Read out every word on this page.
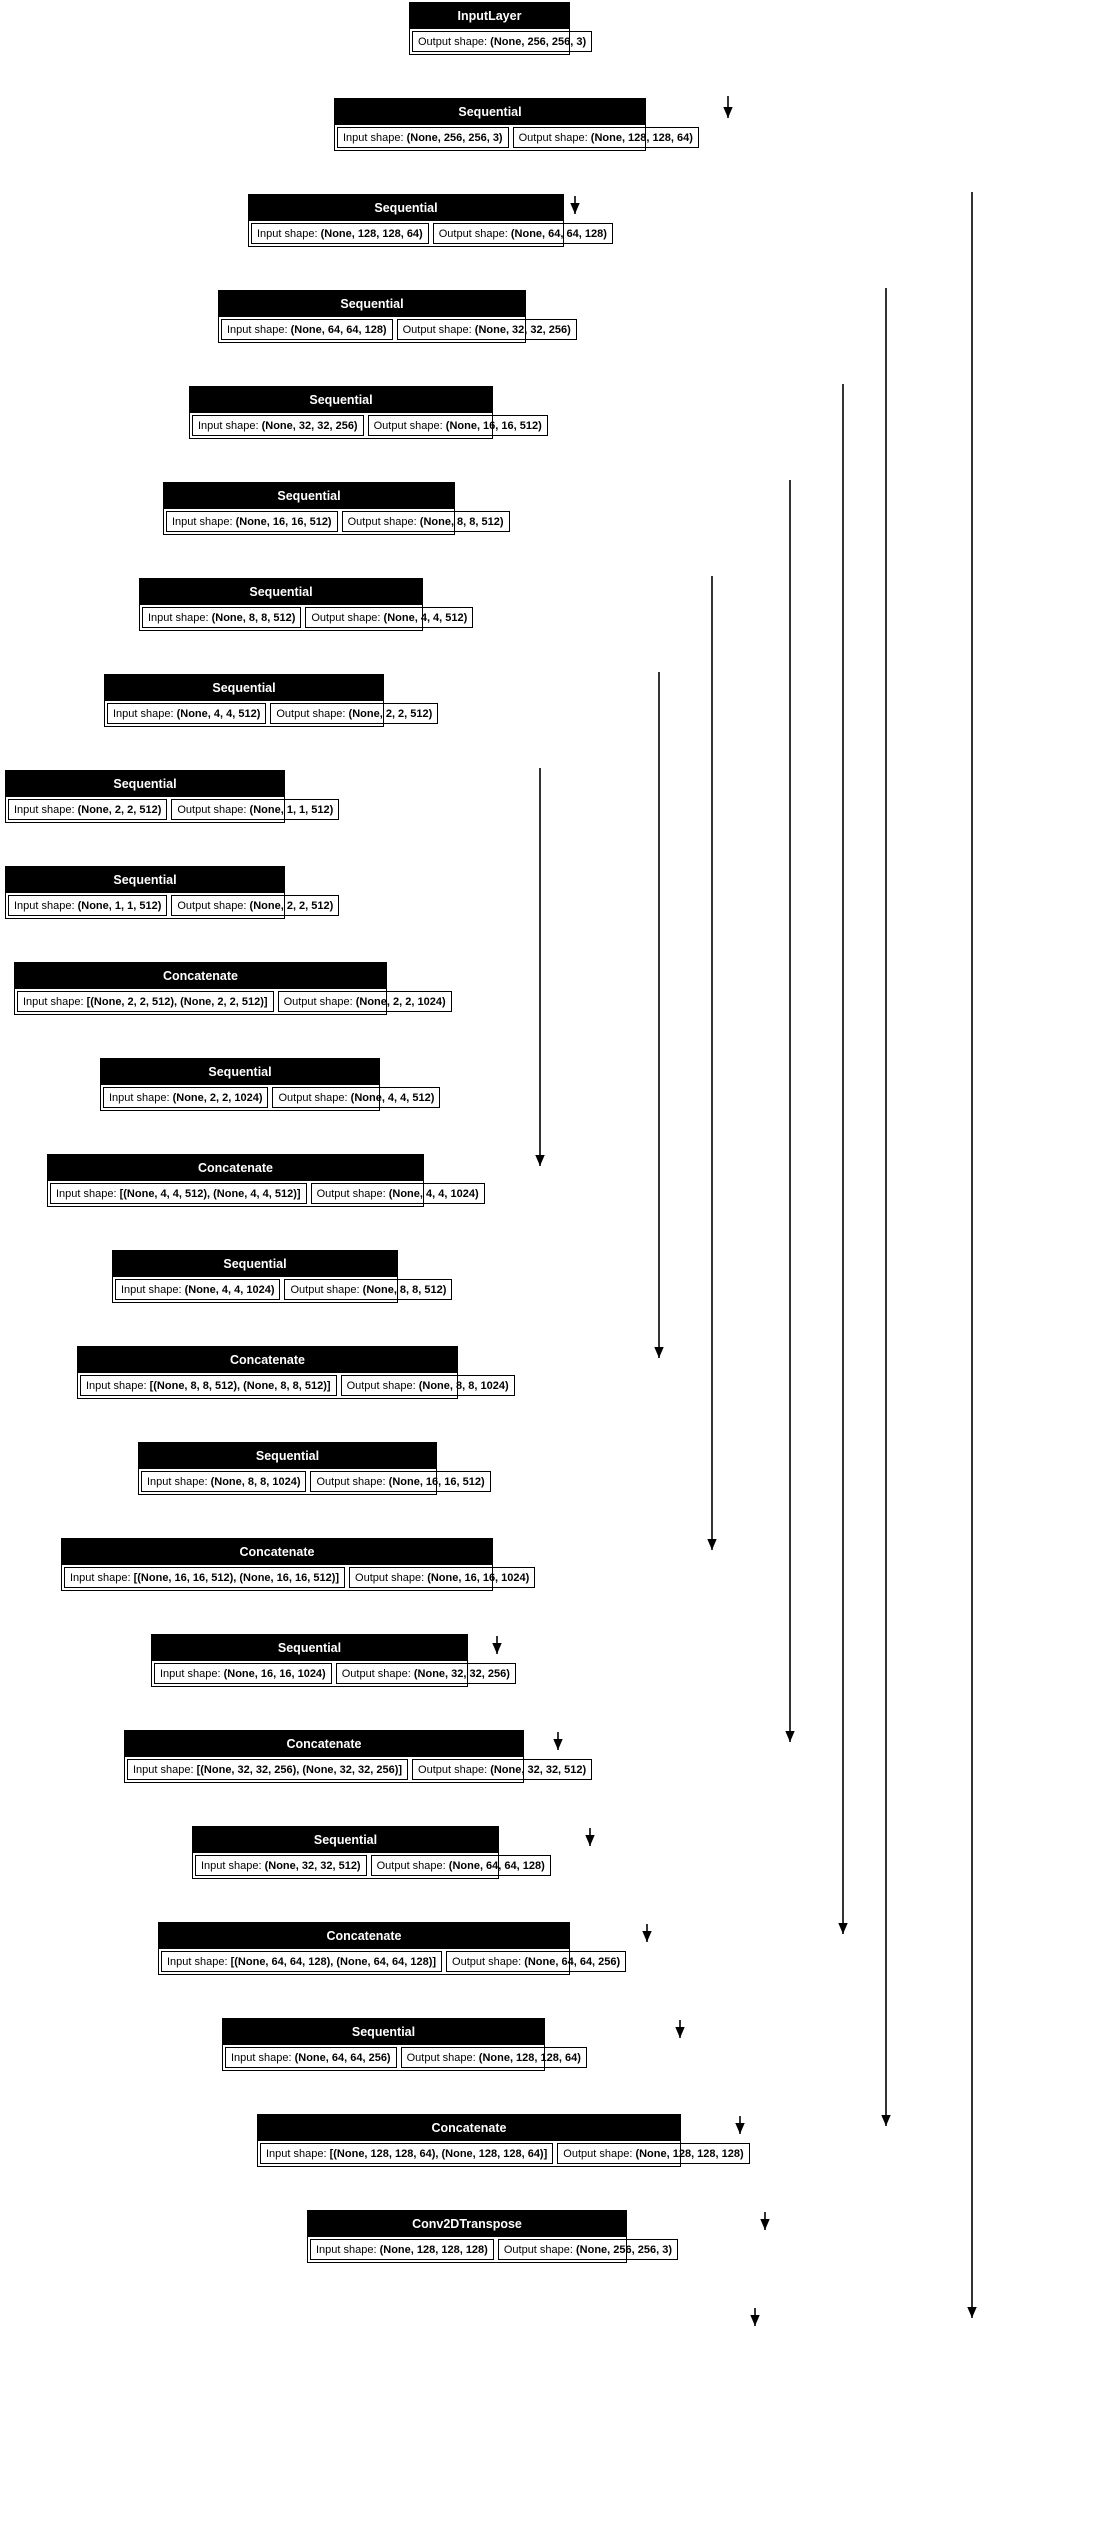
InputLayer
Output shape: (None, 256, 256, 3)
Sequential
Input shape: (None, 256, 256, 3) Output shape: (None, 128, 128, 64)
Sequential
Input shape: (None, 128, 128, 64) Output shape: (None, 64, 64, 128)
Sequential
Input shape: (None, 64, 64, 128) Output shape: (None, 32, 32, 256)
Sequential
Input shape: (None, 32, 32, 256) Output shape: (None, 16, 16, 512)
Sequential
Input shape: (None, 16, 16, 512) Output shape: (None, 8, 8, 512)
Sequential
Input shape: (None, 8, 8, 512) Output shape: (None, 4, 4, 512)
Sequential
Input shape: (None, 4, 4, 512) Output shape: (None, 2, 2, 512)
Sequential
Input shape: (None, 2, 2, 512) Output shape: (None, 1, 1, 512)
Sequential
Input shape: (None, 1, 1, 512) Output shape: (None, 2, 2, 512)
Concatenate
Input shape: [(None, 2, 2, 512), (None, 2, 2, 512)] Output shape: (None, 2, 2, 1024)
Sequential
Input shape: (None, 2, 2, 1024) Output shape: (None, 4, 4, 512)
Concatenate
Input shape: [(None, 4, 4, 512), (None, 4, 4, 512)] Output shape: (None, 4, 4, 1024)
Sequential
Input shape: (None, 4, 4, 1024) Output shape: (None, 8, 8, 512)
Concatenate
Input shape: [(None, 8, 8, 512), (None, 8, 8, 512)] Output shape: (None, 8, 8, 1024)
Sequential
Input shape: (None, 8, 8, 1024) Output shape: (None, 16, 16, 512)
Concatenate
Input shape: [(None, 16, 16, 512), (None, 16, 16, 512)] Output shape: (None, 16, 16, 1024)
Sequential
Input shape: (None, 16, 16, 1024) Output shape: (None, 32, 32, 256)
Concatenate
Input shape: [(None, 32, 32, 256), (None, 32, 32, 256)] Output shape: (None, 32, 32, 512)
Sequential
Input shape: (None, 32, 32, 512) Output shape: (None, 64, 64, 128)
Concatenate
Input shape: [(None, 64, 64, 128), (None, 64, 64, 128)] Output shape: (None, 64, 64, 256)
Sequential
Input shape: (None, 64, 64, 256) Output shape: (None, 128, 128, 64)
Concatenate
Input shape: [(None, 128, 128, 64), (None, 128, 128, 64)] Output shape: (None, 128, 128, 128)
Conv2DTranspose
Input shape: (None, 128, 128, 128) Output shape: (None, 256, 256, 3)
